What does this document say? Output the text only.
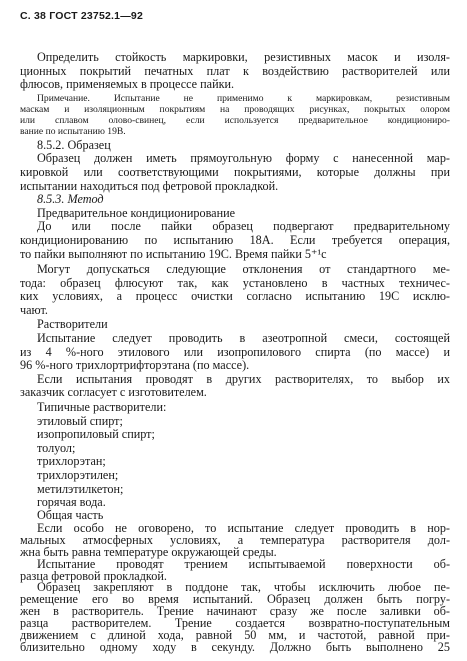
С. 38 ГОСТ 23752.1—92
Определить стойкость маркировки, резистивных масок и изоля-
ционных покрытий печатных плат к воздействию растворителей или
флюсов, применяемых в процессе пайки.
Примечание. Испытание не применимо к маркировкам, резистивным
маскам и изоляционным покрытиям на проводящих рисунках, покрытых олором
или сплавом олово-свинец, если используется предварительное кондициониро-
вание по испытанию 19В.
8.5.2. Образец
Образец должен иметь прямоугольную форму с нанесенной мар-
кировкой или соответствующими покрытиями, которые должны при
испытании находиться под фетровой прокладкой.
8.5.3. Метод
Предварительное кондиционирование
До или после пайки образец подвергают предварительному
кондиционированию по испытанию 18А. Если требуется операция,
то пайки выполняют по испытанию 19С. Время пайки 5⁺¹с
Могут допускаться следующие отклонения от стандартного ме-
тода: образец флюсуют так, как установлено в частных техничес-
ких условиях, а процесс очистки согласно испытанию 19С исклю-
чают.
Растворители
Испытание следует проводить в азеотропной смеси, состоящей
из 4 %-ного этилового или изопропилового спирта (по массе) и
96 %-ного трихлортрифторэтана (по массе).
Если испытания проводят в других растворителях, то выбор их
заказчик согласует с изготовителем.
Типичные растворители:
этиловый спирт;
изопропиловый спирт;
толуол;
трихлорэтан;
трихлорэтилен;
метилэтилкетон;
горячая вода.
Общая часть
Если особо не оговорено, то испытание следует проводить в нор-
мальных атмосферных условиях, а температура растворителя дол-
жна быть равна температуре окружающей среды.
Испытание проводят трением испытываемой поверхности об-
разца фетровой прокладкой.
Образец закрепляют в поддоне так, чтобы исключить любое пе-
ремещение его во время испытаний. Образец должен быть погру-
жен в растворитель. Трение начинают сразу же после заливки об-
разца растворителем. Трение создается возвратно-поступательным
движением с длиной хода, равной 50 мм, и частотой, равной при-
близительно одному ходу в секунду. Должно быть выполнено 25
